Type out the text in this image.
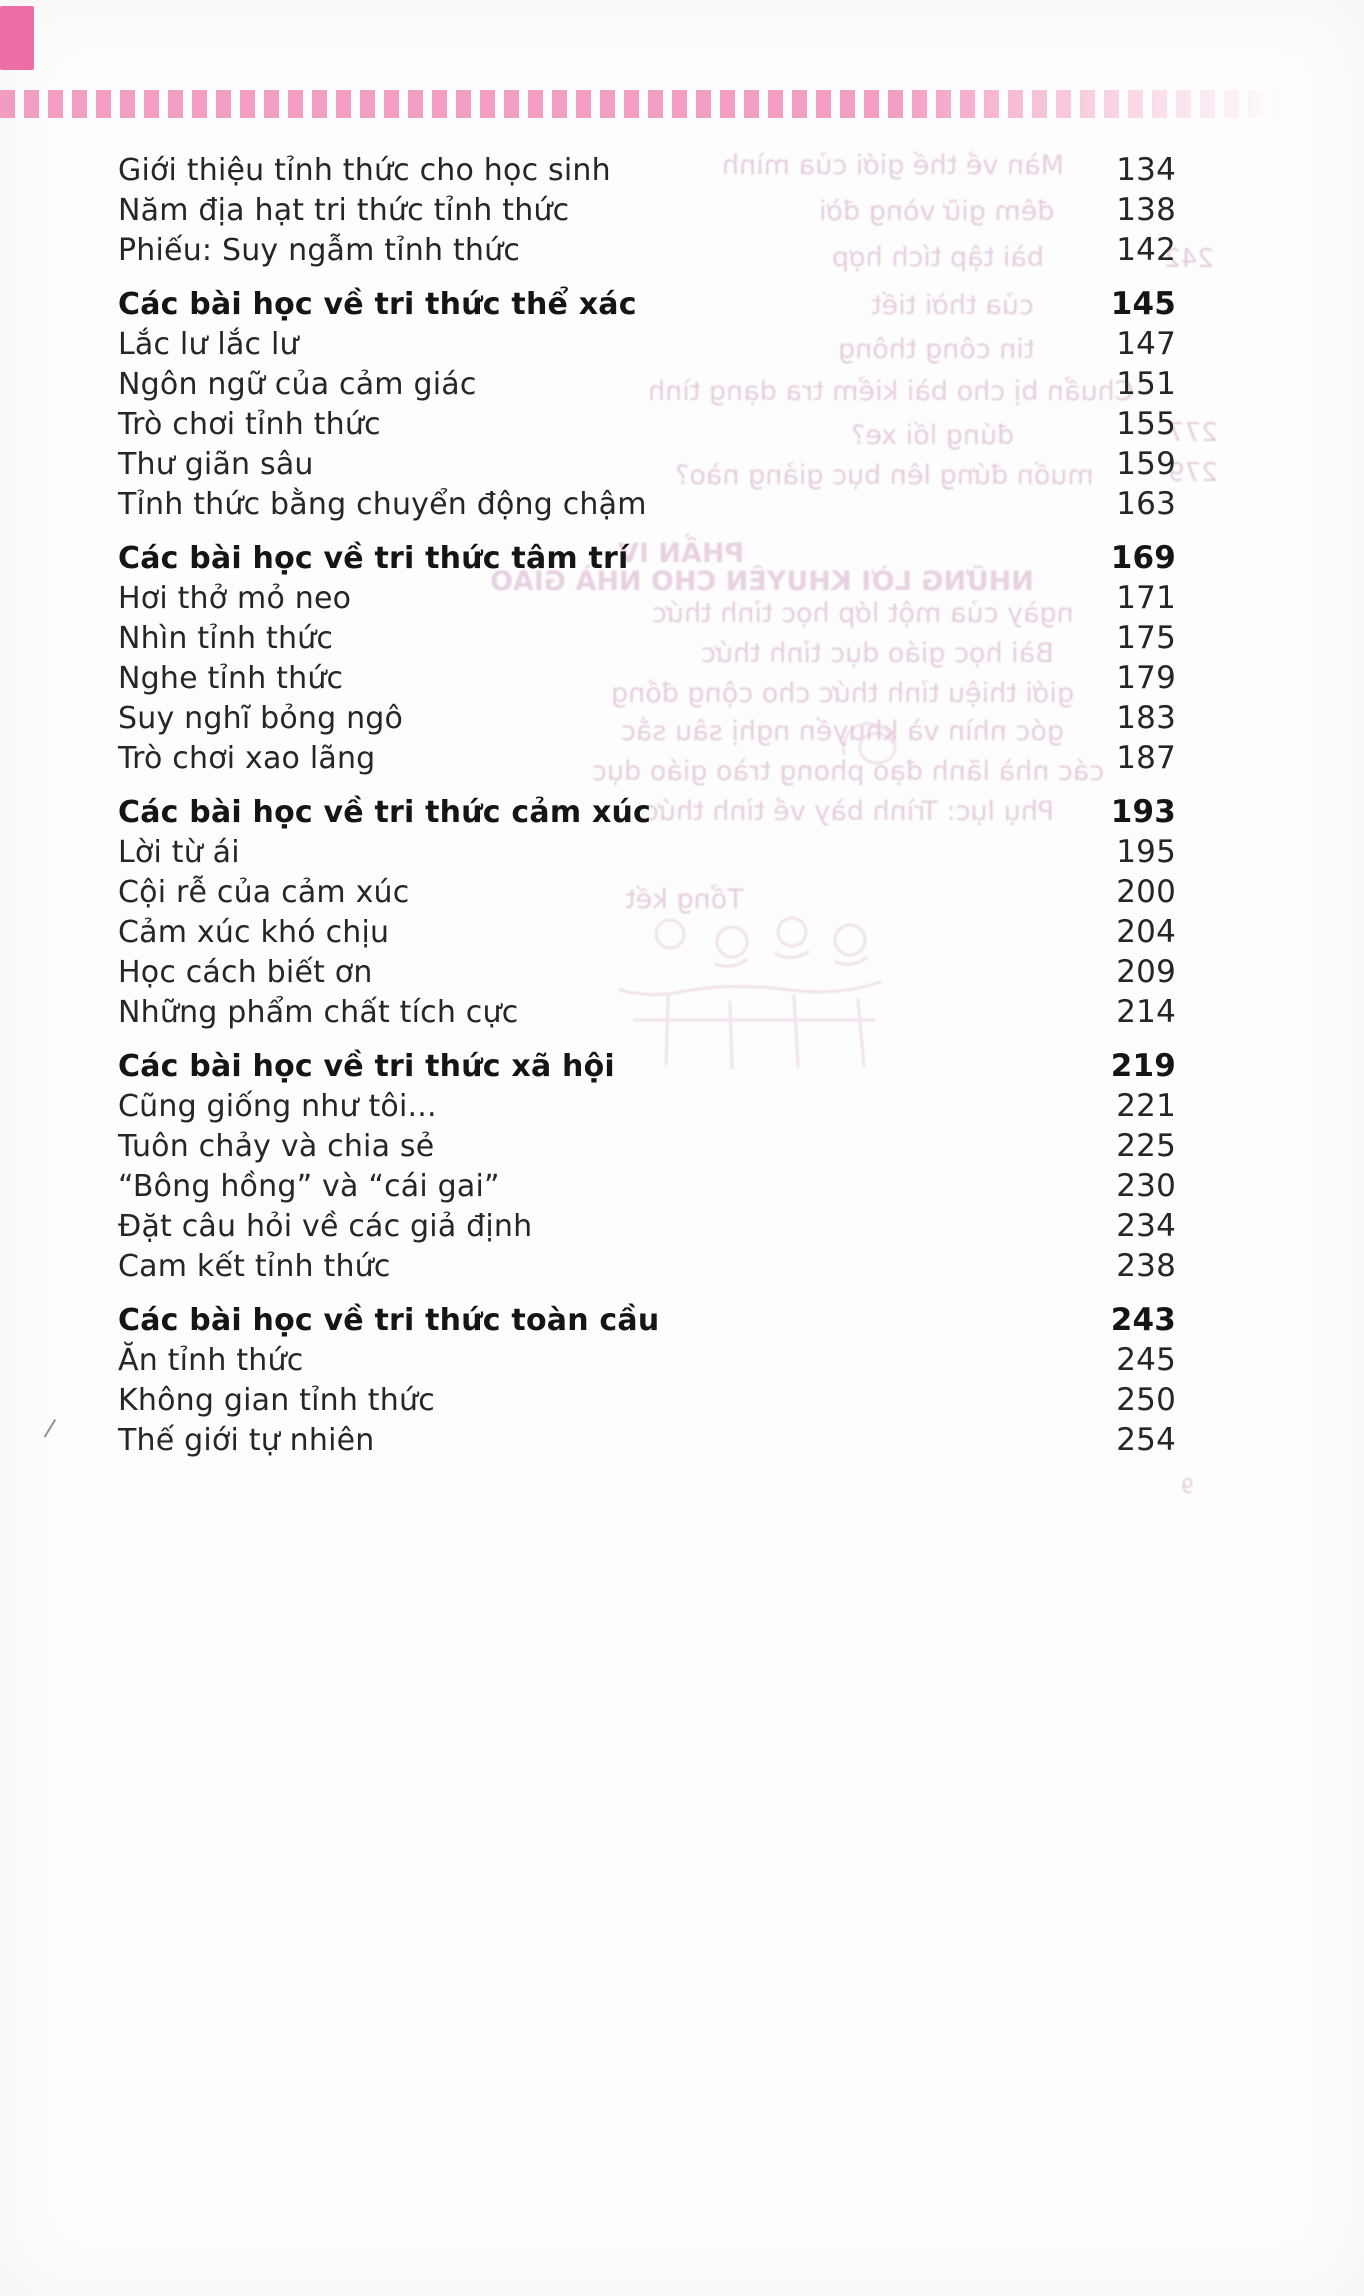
Màn về thế giới của mình
đêm giữ vòng đời
bài tập tích hợp
của thời tiết
tin công thông
Chuẩn bị cho bài kiểm tra dạng tình
đúng lối xe?
muốn đứng lên bục giảng nào?
PHẦN IV
NHỮNG LỜI KHUYÊN CHO NHÀ GIÁO
ngày của một lớp học tỉnh thức
Bài học giáo dục tỉnh thức
giới thiệu tỉnh thức cho cộng đồng
góc nhìn và khuyến nghị sâu sắc
các nhà lãnh đạo phong trào giáo dục
Phụ lục: Trình bày về tỉnh thức
Tổng kết
242
277
279
9
/
Giới thiệu tỉnh thức cho học sinh	134
Năm địa hạt tri thức tỉnh thức	138
Phiếu: Suy ngẫm tỉnh thức	142
Các bài học về tri thức thể xác	145
Lắc lư lắc lư	147
Ngôn ngữ của cảm giác	151
Trò chơi tỉnh thức	155
Thư giãn sâu	159
Tỉnh thức bằng chuyển động chậm	163
Các bài học về tri thức tâm trí	169
Hơi thở mỏ neo	171
Nhìn tỉnh thức	175
Nghe tỉnh thức	179
Suy nghĩ bỏng ngô	183
Trò chơi xao lãng	187
Các bài học về tri thức cảm xúc	193
Lời từ ái	195
Cội rễ của cảm xúc	200
Cảm xúc khó chịu	204
Học cách biết ơn	209
Những phẩm chất tích cực	214
Các bài học về tri thức xã hội	219
Cũng giống như tôi...	221
Tuôn chảy và chia sẻ	225
“Bông hồng” và “cái gai”	230
Đặt câu hỏi về các giả định	234
Cam kết tỉnh thức	238
Các bài học về tri thức toàn cầu	243
Ăn tỉnh thức	245
Không gian tỉnh thức	250
Thế giới tự nhiên	254
